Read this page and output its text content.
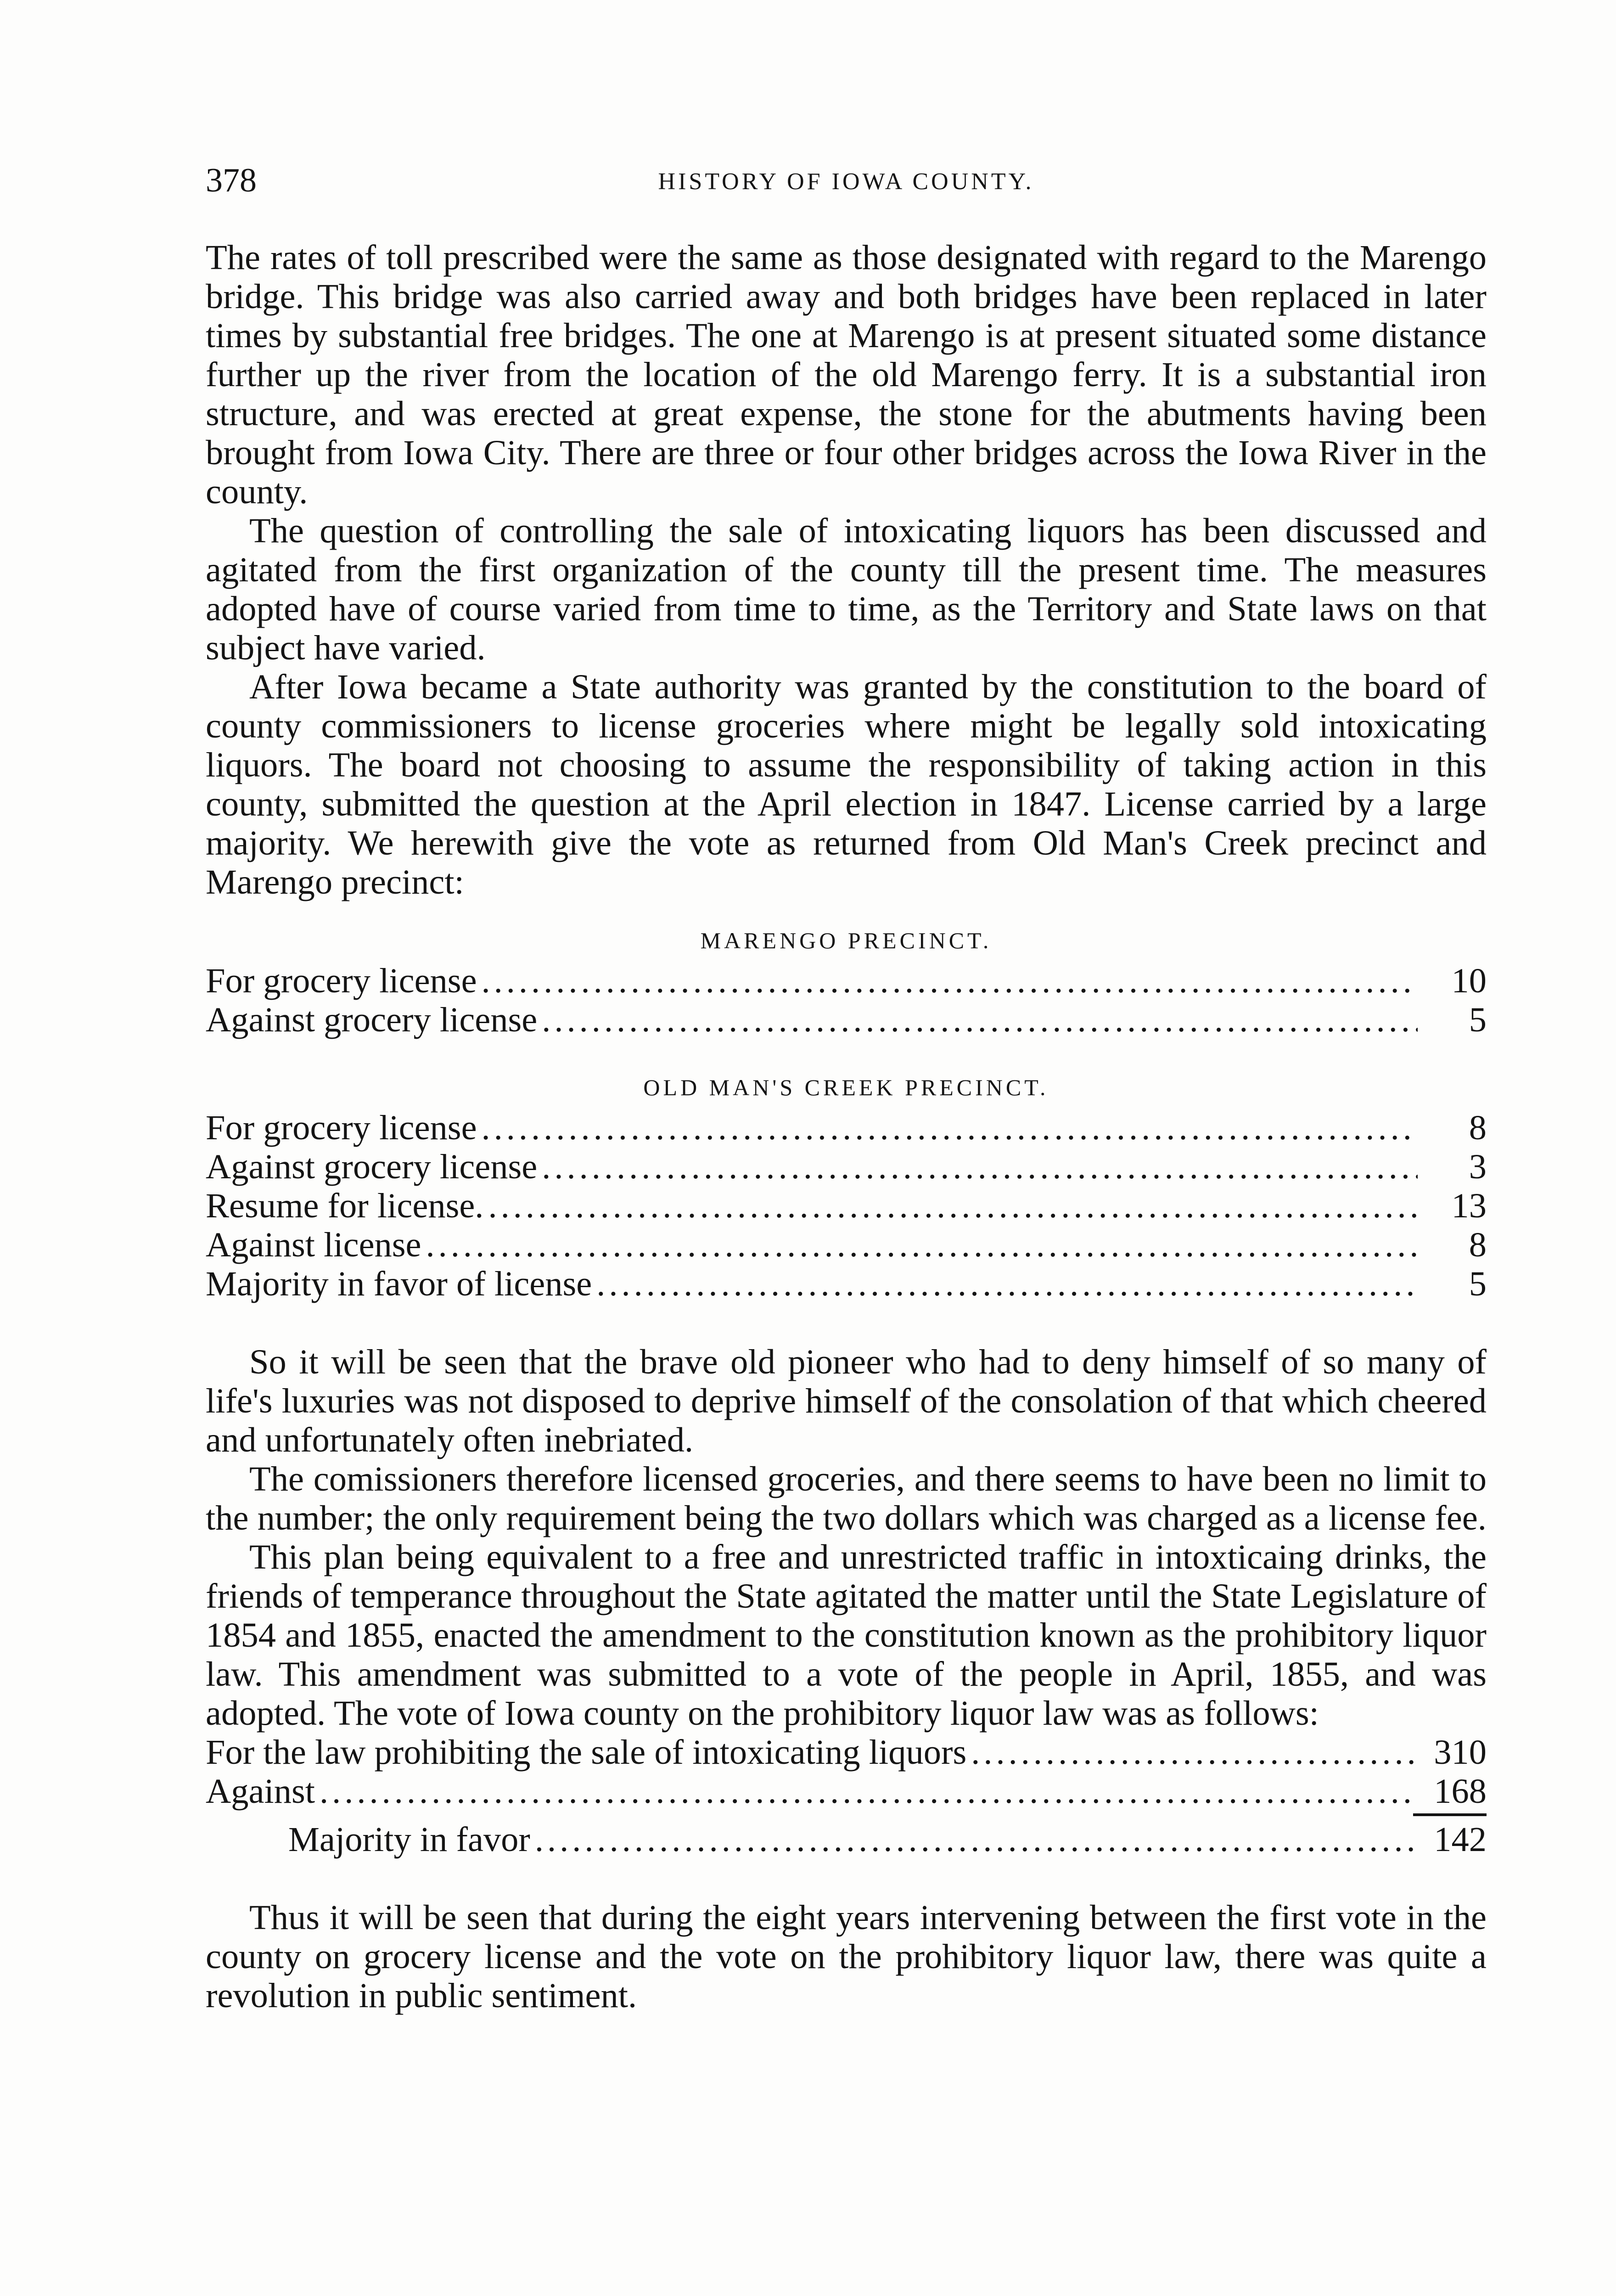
378	HISTORY OF IOWA COUNTY.

The rates of toll prescribed were the same as those designated with regard to the Marengo bridge. This bridge was also carried away and both bridges have been replaced in later times by substantial free bridges. The one at Marengo is at present situated some distance further up the river from the location of the old Marengo ferry. It is a substantial iron structure, and was erected at great expense, the stone for the abutments having been brought from Iowa City. There are three or four other bridges across the Iowa River in the county.

The question of controlling the sale of intoxicating liquors has been discussed and agitated from the first organization of the county till the present time. The measures adopted have of course varied from time to time, as the Territory and State laws on that subject have varied.

After Iowa became a State authority was granted by the constitution to the board of county commissioners to license groceries where might be legally sold intoxicating liquors. The board not choosing to assume the responsibility of taking action in this county, submitted the question at the April election in 1847. License carried by a large majority. We herewith give the vote as returned from Old Man's Creek precinct and Marengo precinct:

MARENGO PRECINCT.
For grocery license .....	10
Against grocery license .....	5
OLD MAN'S CREEK PRECINCT.
For grocery license .....	8
Against grocery license .....	3
Resume for license. .....	13
Against license .....	8
Majority in favor of license .....	5

So it will be seen that the brave old pioneer who had to deny himself of so many of life's luxuries was not disposed to deprive himself of the consolation of that which cheered and unfortunately often inebriated.

The comissioners therefore licensed groceries, and there seems to have been no limit to the number; the only requirement being the two dollars which was charged as a license fee.

This plan being equivalent to a free and unrestricted traffic in intoxticaing drinks, the friends of temperance throughout the State agitated the matter until the State Legislature of 1854 and 1855, enacted the amendment to the constitution known as the prohibitory liquor law. This amendment was submitted to a vote of the people in April, 1855, and was adopted. The vote of Iowa county on the prohibitory liquor law was as follows:

For the law prohibiting the sale of intoxicating liquors .....	310
Against .....	168
Majority in favor .....	142

Thus it will be seen that during the eight years intervening between the first vote in the county on grocery license and the vote on the prohibitory liquor law, there was quite a revolution in public sentiment.
